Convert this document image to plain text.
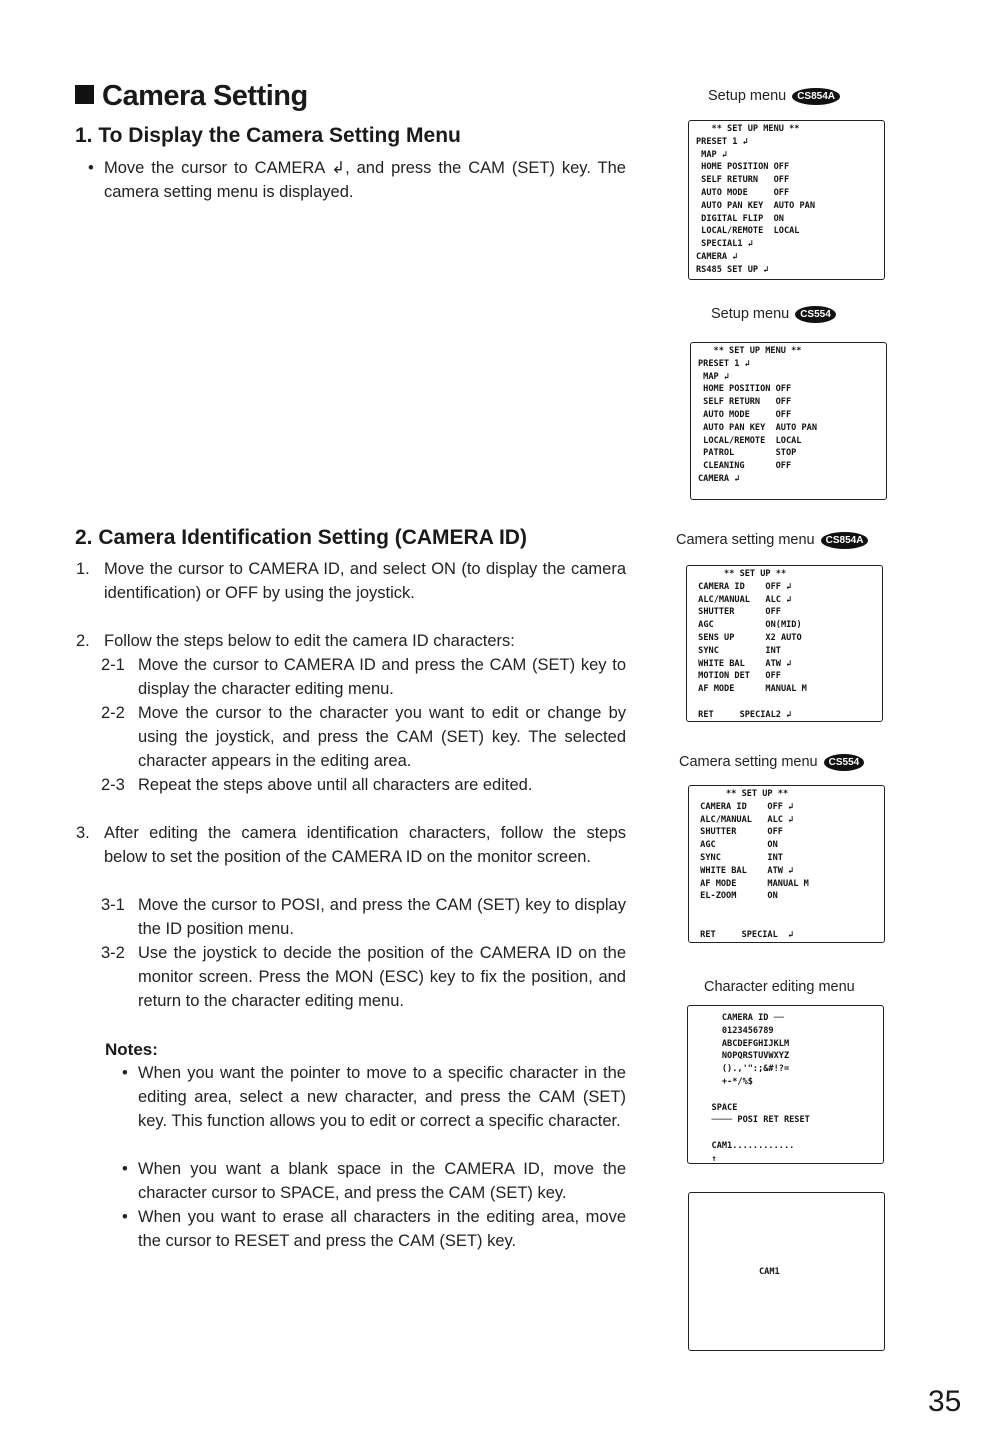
Camera Setting
1. To Display the Camera Setting Menu
• Move the cursor to CAMERA ↲, and press the CAM (SET) key. The camera setting menu is displayed.
2. Camera Identification Setting (CAMERA ID)
1. Move the cursor to CAMERA ID, and select ON (to display the camera identification) or OFF by using the joystick.
2. Follow the steps below to edit the camera ID characters:
2-1 Move the cursor to CAMERA ID and press the CAM (SET) key to display the character editing menu.
2-2 Move the cursor to the character you want to edit or change by using the joystick, and press the CAM (SET) key. The selected character appears in the editing area.
2-3 Repeat the steps above until all characters are edited.
3. After editing the camera identification characters, follow the steps below to set the position of the CAMERA ID on the monitor screen.
3-1 Move the cursor to POSI, and press the CAM (SET) key to display the ID position menu.
3-2 Use the joystick to decide the position of the CAMERA ID on the monitor screen. Press the MON (ESC) key to fix the position, and return to the character editing menu.
Notes:
• When you want the pointer to move to a specific character in the editing area, select a new character, and press the CAM (SET) key. This function allows you to edit or correct a specific character.
• When you want a blank space in the CAMERA ID, move the character cursor to SPACE, and press the CAM (SET) key.
• When you want to erase all characters in the editing area, move the cursor to RESET and press the CAM (SET) key.
Setup menu CS854A
** SET UP MENU **
PRESET 1 ↲
MAP ↲
HOME POSITION OFF
SELF RETURN   OFF
AUTO MODE     OFF
AUTO PAN KEY  AUTO PAN
DIGITAL FLIP  ON
LOCAL/REMOTE  LOCAL
SPECIAL1 ↲
CAMERA ↲
RS485 SET UP ↲
Setup menu CS554
** SET UP MENU **
PRESET 1 ↲
MAP ↲
HOME POSITION OFF
SELF RETURN   OFF
AUTO MODE     OFF
AUTO PAN KEY  AUTO PAN
LOCAL/REMOTE  LOCAL
PATROL        STOP
CLEANING      OFF
CAMERA ↲
Camera setting menu CS854A
** SET UP **
CAMERA ID    OFF ↲
ALC/MANUAL   ALC ↲
SHUTTER      OFF
AGC          ON(MID)
SENS UP      X2 AUTO
SYNC         INT
WHITE BAL    ATW ↲
MOTION DET   OFF
AF MODE      MANUAL M

RET     SPECIAL2 ↲
Camera setting menu CS554
** SET UP **
CAMERA ID    OFF ↲
ALC/MANUAL   ALC ↲
SHUTTER      OFF
AGC          ON
SYNC         INT
WHITE BAL    ATW ↲
AF MODE      MANUAL M
EL-ZOOM      ON

RET     SPECIAL  ↲
Character editing menu
CAMERA ID ──
0123456789
ABCDEFGHIJKLM
NOPQRSTUVWXYZ
().,'":;&#!?=
+-*/%$

SPACE
──── POSI RET RESET

CAM1............
↑
CAM1
35
